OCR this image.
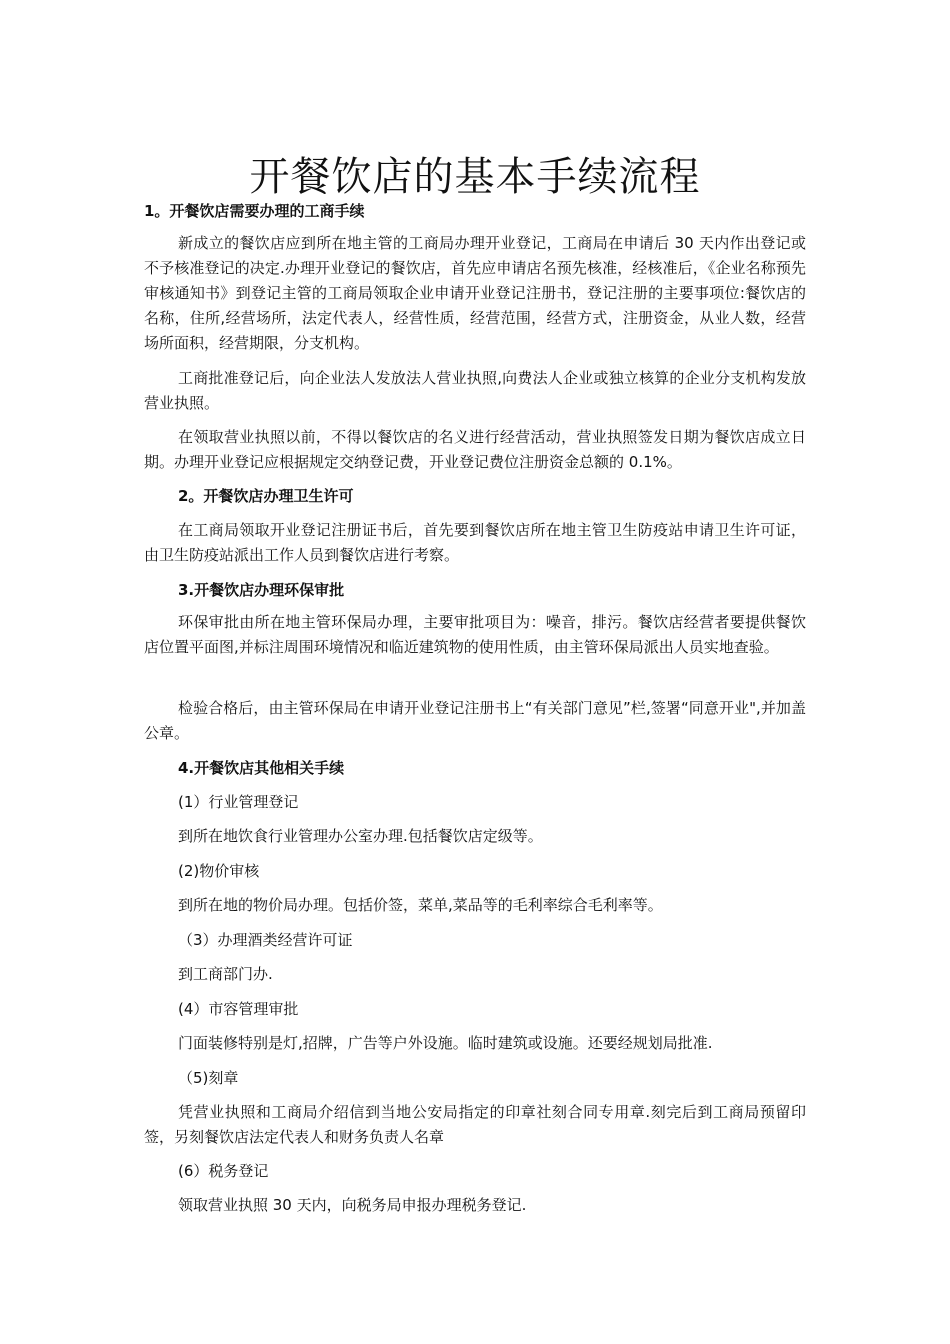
开餐饮店的基本手续流程
1。开餐饮店需要办理的工商手续
新成立的餐饮店应到所在地主管的工商局办理开业登记，工商局在申请后 30 天内作出登记或不予核准登记的决定.办理开业登记的餐饮店，首先应申请店名预先核准，经核准后，《企业名称预先审核通知书》到登记主管的工商局领取企业申请开业登记注册书，登记注册的主要事项位:餐饮店的名称，住所,经营场所，法定代表人，经营性质，经营范围，经营方式，注册资金，从业人数，经营场所面积，经营期限，分支机构。
工商批准登记后，向企业法人发放法人营业执照,向费法人企业或独立核算的企业分支机构发放营业执照。
在领取营业执照以前，不得以餐饮店的名义进行经营活动，营业执照签发日期为餐饮店成立日期。办理开业登记应根据规定交纳登记费，开业登记费位注册资金总额的 0.1%。
2。开餐饮店办理卫生许可
在工商局领取开业登记注册证书后，首先要到餐饮店所在地主管卫生防疫站申请卫生许可证，由卫生防疫站派出工作人员到餐饮店进行考察。
3.开餐饮店办理环保审批
环保审批由所在地主管环保局办理，主要审批项目为：噪音，排污。餐饮店经营者要提供餐饮店位置平面图,并标注周围环境情况和临近建筑物的使用性质，由主管环保局派出人员实地查验。
检验合格后，由主管环保局在申请开业登记注册书上“有关部门意见”栏,签署“同意开业",并加盖公章。
4.开餐饮店其他相关手续
(1）行业管理登记
到所在地饮食行业管理办公室办理.包括餐饮店定级等。
(2)物价审核
到所在地的物价局办理。包括价签，菜单,菜品等的毛利率综合毛利率等。
（3）办理酒类经营许可证
到工商部门办.
(4）市容管理审批
门面装修特别是灯,招牌，广告等户外设施。临时建筑或设施。还要经规划局批准.
（5)刻章
凭营业执照和工商局介绍信到当地公安局指定的印章社刻合同专用章.刻完后到工商局预留印签，另刻餐饮店法定代表人和财务负责人名章
(6）税务登记
领取营业执照 30 天内，向税务局申报办理税务登记.
